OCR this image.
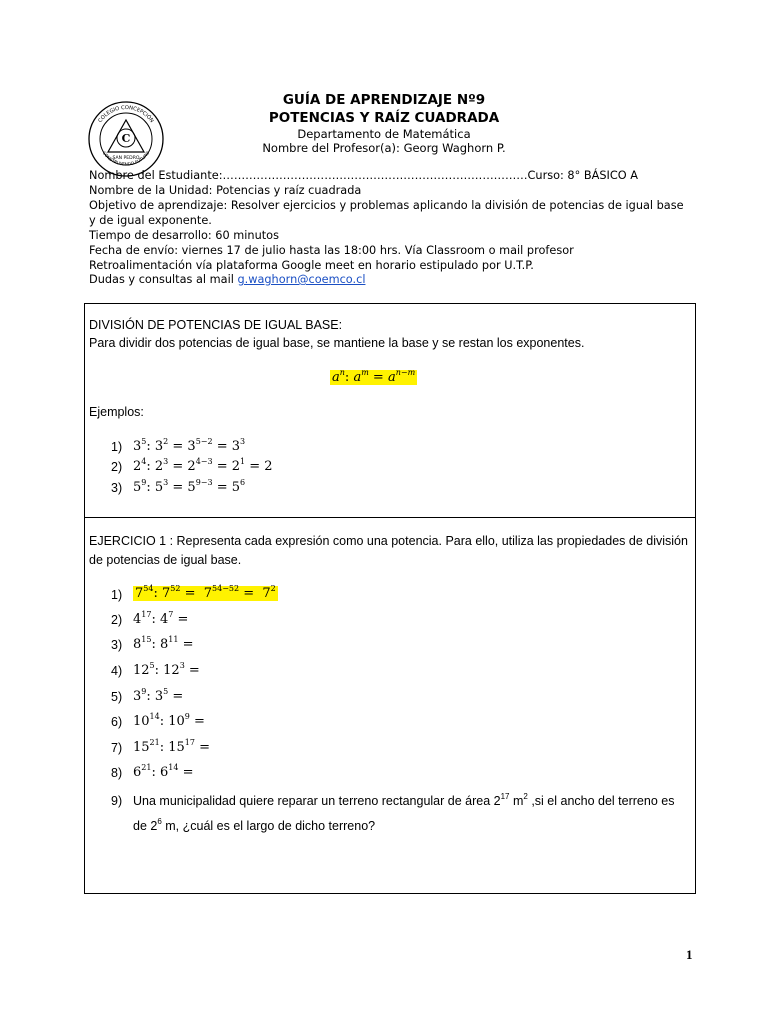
COLEGIO CONCEPCIÓN
CONSTRUYENDO FUTURO
C
SAN PEDRO
GUÍA DE APRENDIZAJE Nº9
POTENCIAS Y RAÍZ CUADRADA
Departamento de Matemática
Nombre del Profesor(a): Georg Waghorn P.
Nombre del Estudiante:………………………………………………………………………Curso: 8° BÁSICO A
Nombre de la Unidad: Potencias y raíz cuadrada
Objetivo de aprendizaje: Resolver ejercicios y problemas aplicando la división de potencias de igual base
y de igual exponente.
Tiempo de desarrollo: 60 minutos
Fecha de envío: viernes 17 de julio hasta las 18:00 hrs. Vía Classroom o mail profesor
Retroalimentación vía plataforma Google meet en horario estipulado por U.T.P.
Dudas y consultas al mail g.waghorn@coemco.cl
DIVISIÓN DE POTENCIAS DE IGUAL BASE:
Para dividir dos potencias de igual base, se mantiene la base y se restan los exponentes.
$a^n$: $a^m = a^{n-m}$
Ejemplos:
1) $3^5$: $3^2 = 3^{5-2} = 3^3$
2) $2^4$: $2^3 = 2^{4-3} = 2^1 = 2$
3) $5^9$: $5^3 = 5^{9-3} = 5^6$
EJERCICIO 1 : Representa cada expresión como una potencia. Para ello, utiliza las propiedades de división
de potencias de igual base.
1) $7^{54}$: $7^{52} = 7^{54-52} = 7^2$
2) $4^{17}$: $4^7$ =
3) $8^{15}$: $8^{11}$ =
4) $12^5$: $12^3$ =
5) $3^9$: $3^5$ =
6) $10^{14}$: $10^9$ =
7) $15^{21}$: $15^{17}$ =
8) $6^{21}$: $6^{14}$ =
9) Una municipalidad quiere reparar un terreno rectangular de área $2^{17}$ $m^2$ ,si el ancho del terreno es
de $2^6$ m, ¿cuál es el largo de dicho terreno?
1
